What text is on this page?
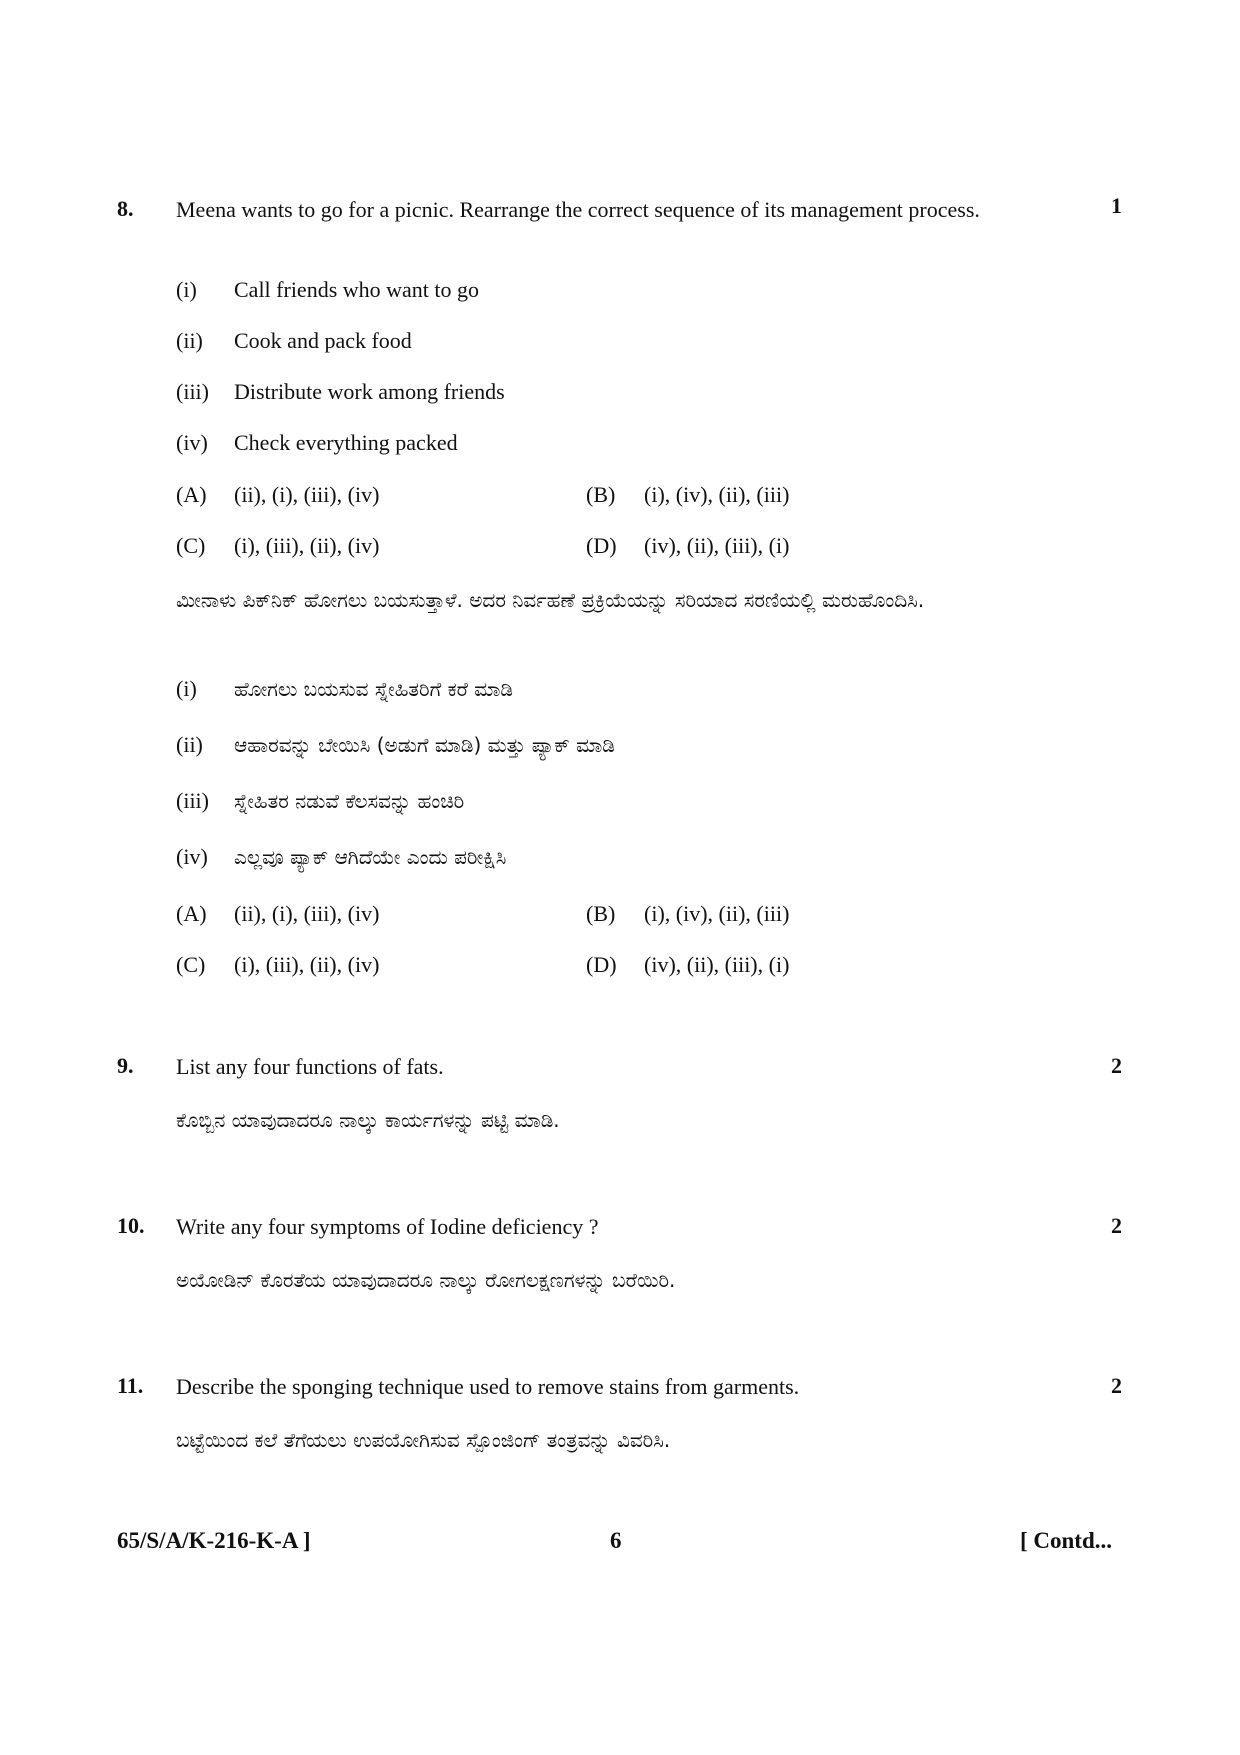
8.	1
Meena wants to go for a picnic. Rearrange the correct sequence of its management process.
(i)	Call friends who want to go
(ii)	Cook and pack food
(iii)	Distribute work among friends
(iv)	Check everything packed
(A)	(ii), (i), (iii), (iv)	(B)	(i), (iv), (ii), (iii)
(C)	(i), (iii), (ii), (iv)	(D)	(iv), (ii), (iii), (i)
ಮೀನಾಳು ಪಿಕ್‌ನಿಕ್ ಹೋಗಲು ಬಯಸುತ್ತಾಳೆ. ಅದರ ನಿರ್ವಹಣೆ ಪ್ರಕ್ರಿಯೆಯನ್ನು ಸರಿಯಾದ ಸರಣಿಯಲ್ಲಿ ಮರುಹೊಂದಿಸಿ.
(i)	ಹೋಗಲು ಬಯಸುವ ಸ್ನೇಹಿತರಿಗೆ ಕರೆ ಮಾಡಿ
(ii)	ಆಹಾರವನ್ನು ಬೇಯಿಸಿ (ಅಡುಗೆ ಮಾಡಿ) ಮತ್ತು ಪ್ಯಾಕ್ ಮಾಡಿ
(iii)	ಸ್ನೇಹಿತರ ನಡುವೆ ಕೆಲಸವನ್ನು ಹಂಚಿರಿ
(iv)	ಎಲ್ಲವೂ ಪ್ಯಾಕ್ ಆಗಿದೆಯೇ ಎಂದು ಪರೀಕ್ಷಿಸಿ
(A)	(ii), (i), (iii), (iv)	(B)	(i), (iv), (ii), (iii)
(C)	(i), (iii), (ii), (iv)	(D)	(iv), (ii), (iii), (i)
9.	2
List any four functions of fats.
ಕೊಬ್ಬಿನ ಯಾವುದಾದರೂ ನಾಲ್ಕು ಕಾರ್ಯಗಳನ್ನು ಪಟ್ಟಿ ಮಾಡಿ.
10.	2
Write any four symptoms of Iodine deficiency ?
ಅಯೋಡಿನ್ ಕೊರತೆಯ ಯಾವುದಾದರೂ ನಾಲ್ಕು ರೋಗಲಕ್ಷಣಗಳನ್ನು ಬರೆಯಿರಿ.
11.	2
Describe the sponging technique used to remove stains from garments.
ಬಟ್ಟೆಯಿಂದ ಕಲೆ ತೆಗೆಯಲು ಉಪಯೋಗಿಸುವ ಸ್ಪೊಂಜಿಂಗ್ ತಂತ್ರವನ್ನು ವಿವರಿಸಿ.
65/S/A/K-216-K-A ]	6	[ Contd...
